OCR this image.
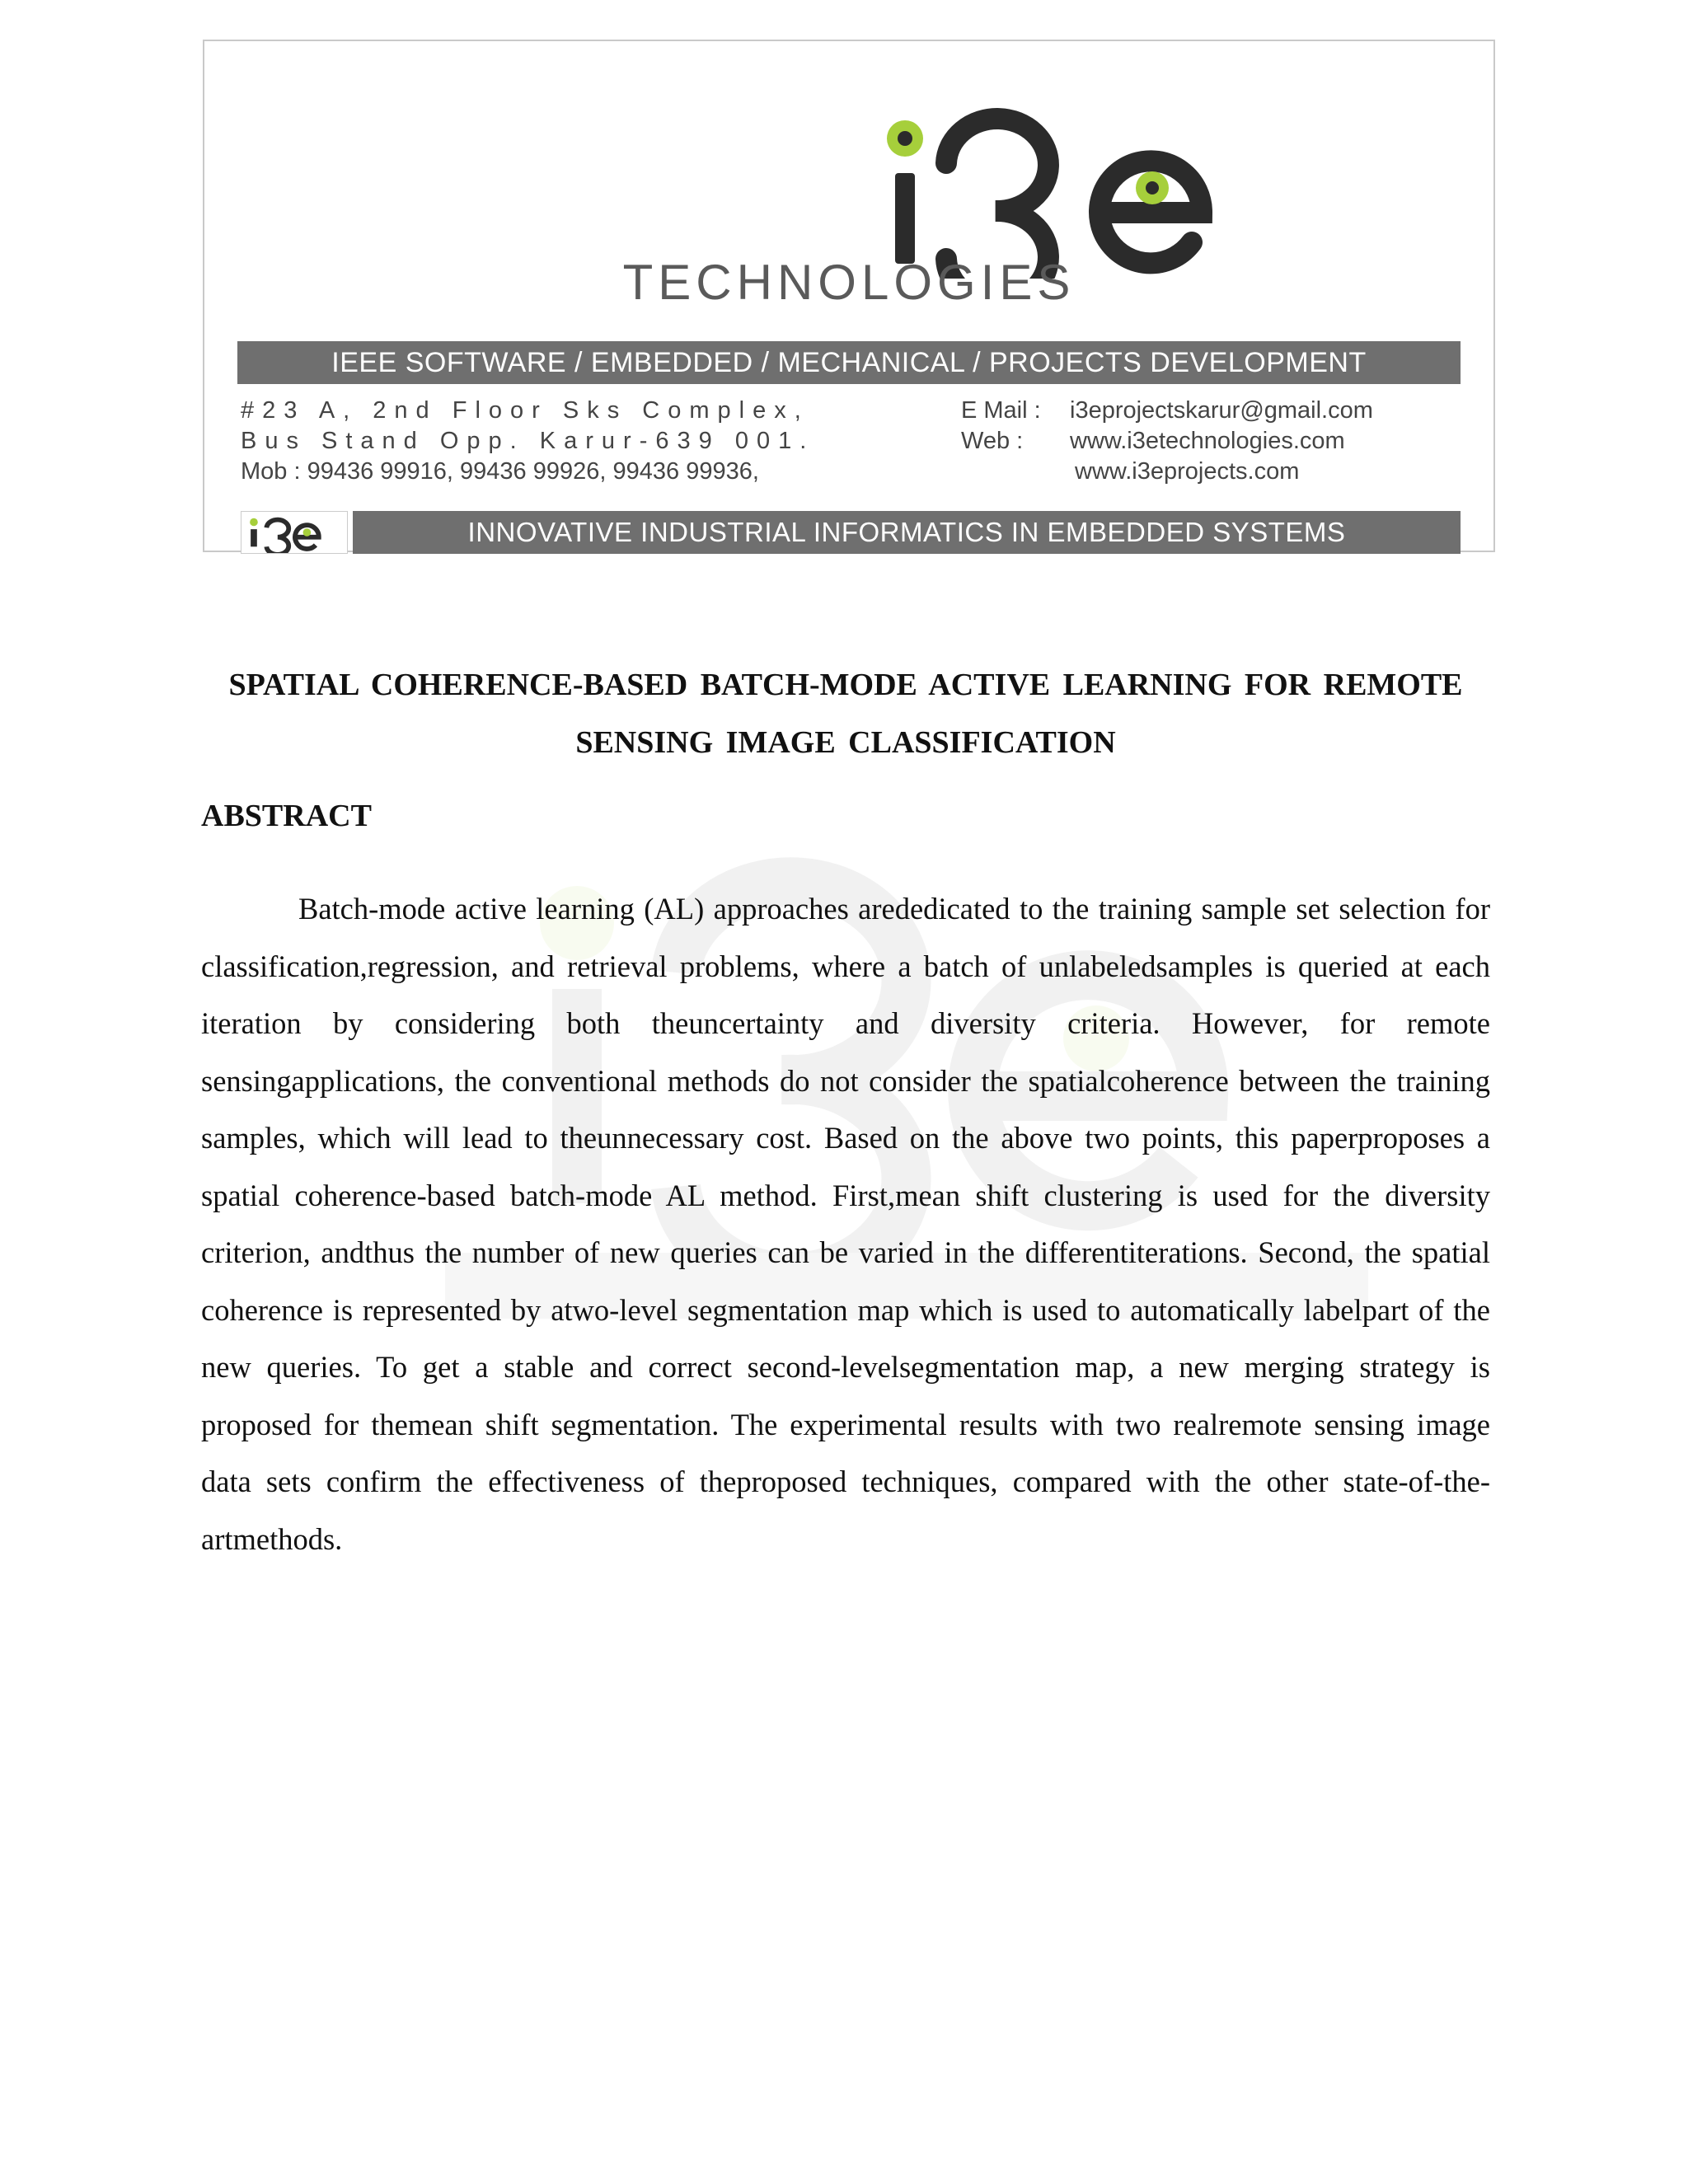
TECHNOLOGIES
IEEE SOFTWARE / EMBEDDED / MECHANICAL / PROJECTS DEVELOPMENT
#23 A, 2nd Floor Sks Complex,
Bus Stand Opp. Karur-639 001.
Mob : 99436 99916, 99436 99926, 99436 99936,
E Mail : i3eprojectskarur@gmail.com
Web : www.i3etechnologies.com
www.i3eprojects.com
INNOVATIVE INDUSTRIAL INFORMATICS IN EMBEDDED SYSTEMS
SPATIAL COHERENCE-BASED BATCH-MODE ACTIVE LEARNING FOR REMOTE
SENSING IMAGE CLASSIFICATION
ABSTRACT

Batch-mode active learning (AL) approaches arededicated to the training sample set selection for classification,regression, and retrieval problems, where a batch of unlabeledsamples is queried at each iteration by considering both theuncertainty and diversity criteria. However, for remote sensingapplications, the conventional methods do not consider the spatialcoherence between the training samples, which will lead to theunnecessary cost. Based on the above two points, this paperproposes a spatial coherence-based batch-mode AL method. First,mean shift clustering is used for the diversity criterion, andthus the number of new queries can be varied in the differentiterations. Second, the spatial coherence is represented by atwo-level segmentation map which is used to automatically labelpart of the new queries. To get a stable and correct second-levelsegmentation map, a new merging strategy is proposed for themean shift segmentation. The experimental results with two realremote sensing image data sets confirm the effectiveness of theproposed techniques, compared with the other state-of-the-artmethods.
